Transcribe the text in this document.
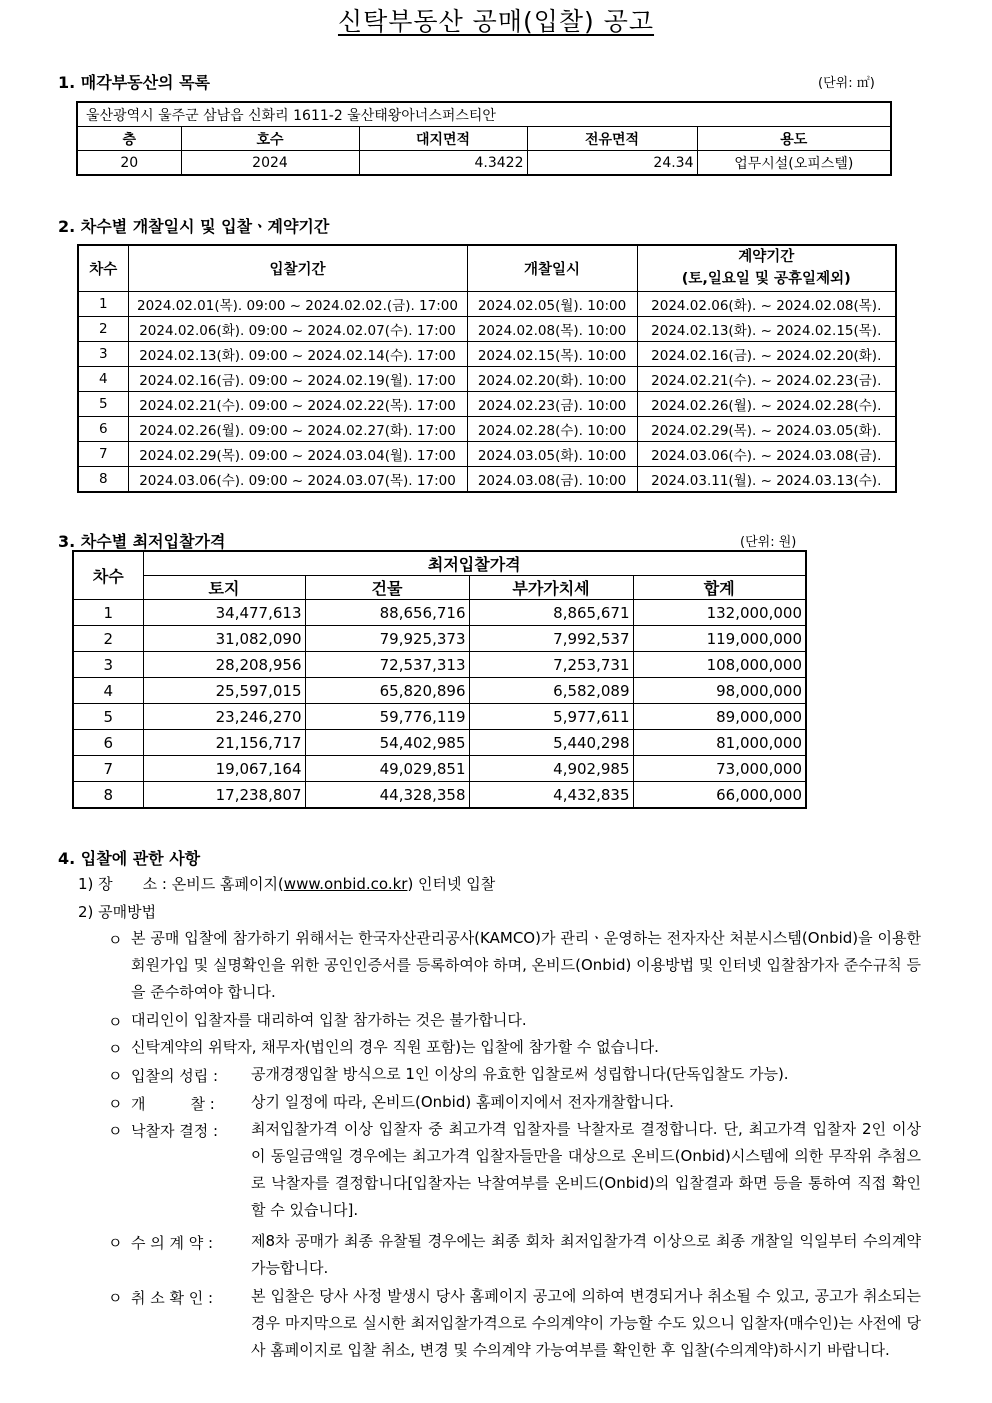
신탁부동산 공매(입찰) 공고
1. 매각부동산의 목록	(단위: ㎡)
울산광역시 울주군 삼남읍 신화리 1611-2 울산태왕아너스퍼스티안				
층	호수	대지면적	전유면적	용도
20	2024	4.3422	24.34	업무시설(오피스텔)
2. 차수별 개찰일시 및 입찰ㆍ계약기간
차수	입찰기간	개찰일시	계약기간
(토,일요일 및 공휴일제외)

1	2024.02.01(목). 09:00 ~ 2024.02.02.(금). 17:00	2024.02.05(월). 10:00	2024.02.06(화). ~ 2024.02.08(목).
2	2024.02.06(화). 09:00 ~ 2024.02.07(수). 17:00	2024.02.08(목). 10:00	2024.02.13(화). ~ 2024.02.15(목).
3	2024.02.13(화). 09:00 ~ 2024.02.14(수). 17:00	2024.02.15(목). 10:00	2024.02.16(금). ~ 2024.02.20(화).
4	2024.02.16(금). 09:00 ~ 2024.02.19(월). 17:00	2024.02.20(화). 10:00	2024.02.21(수). ~ 2024.02.23(금).
5	2024.02.21(수). 09:00 ~ 2024.02.22(목). 17:00	2024.02.23(금). 10:00	2024.02.26(월). ~ 2024.02.28(수).
6	2024.02.26(월). 09:00 ~ 2024.02.27(화). 17:00	2024.02.28(수). 10:00	2024.02.29(목). ~ 2024.03.05(화).
7	2024.02.29(목). 09:00 ~ 2024.03.04(월). 17:00	2024.03.05(화). 10:00	2024.03.06(수). ~ 2024.03.08(금).
8	2024.03.06(수). 09:00 ~ 2024.03.07(목). 17:00	2024.03.08(금). 10:00	2024.03.11(월). ~ 2024.03.13(수).
3. 차수별 최저입찰가격	(단위: 원)
차수	최저입찰가격			
	토지	건물	부가가치세	합계
1	34,477,613	88,656,716	8,865,671	132,000,000
2	31,082,090	79,925,373	7,992,537	119,000,000
3	28,208,956	72,537,313	7,253,731	108,000,000
4	25,597,015	65,820,896	6,582,089	98,000,000
5	23,246,270	59,776,119	5,977,611	89,000,000
6	21,156,717	54,402,985	5,440,298	81,000,000
7	19,067,164	49,029,851	4,902,985	73,000,000
8	17,238,807	44,328,358	4,432,835	66,000,000
4. 입찰에 관한 사항
1) 장　　소 : 온비드 홈페이지(www.onbid.co.kr) 인터넷 입찰
2) 공매방법
ㅇ 본 공매 입찰에 참가하기 위해서는 한국자산관리공사(KAMCO)가 관리ㆍ운영하는 전자자산 처분시스템(Onbid)을 이용한 회원가입 및 실명확인을 위한 공인인증서를 등록하여야 하며, 온비드(Onbid) 이용방법 및 인터넷 입찰참가자 준수규칙 등을 준수하여야 합니다.
ㅇ 대리인이 입찰자를 대리하여 입찰 참가하는 것은 불가합니다.
ㅇ 신탁계약의 위탁자, 채무자(법인의 경우 직원 포함)는 입찰에 참가할 수 없습니다.
ㅇ 입찰의 성립 : 공개경쟁입찰 방식으로 1인 이상의 유효한 입찰로써 성립합니다(단독입찰도 가능).
ㅇ 개　　　찰 : 상기 일정에 따라, 온비드(Onbid) 홈페이지에서 전자개찰합니다.
ㅇ 낙찰자 결정 : 최저입찰가격 이상 입찰자 중 최고가격 입찰자를 낙찰자로 결정합니다. 단, 최고가격 입찰자 2인 이상이 동일금액일 경우에는 최고가격 입찰자들만을 대상으로 온비드(Onbid)시스템에 의한 무작위 추첨으로 낙찰자를 결정합니다[입찰자는 낙찰여부를 온비드(Onbid)의 입찰결과 화면 등을 통하여 직접 확인할 수 있습니다].
ㅇ 수 의 계 약 :	제8차 공매가 최종 유찰될 경우에는 최종 회차 최저입찰가격 이상으로 최종 개찰일 익일부터 수의계약 가능합니다.
ㅇ 취 소 확 인 :	본 입찰은 당사 사정 발생시 당사 홈페이지 공고에 의하여 변경되거나 취소될 수 있고, 공고가 취소되는 경우 마지막으로 실시한 최저입찰가격으로 수의계약이 가능할 수도 있으니 입찰자(매수인)는 사전에 당사 홈페이지로 입찰 취소, 변경 및 수의계약 가능여부를 확인한 후 입찰(수의계약)하시기 바랍니다.
